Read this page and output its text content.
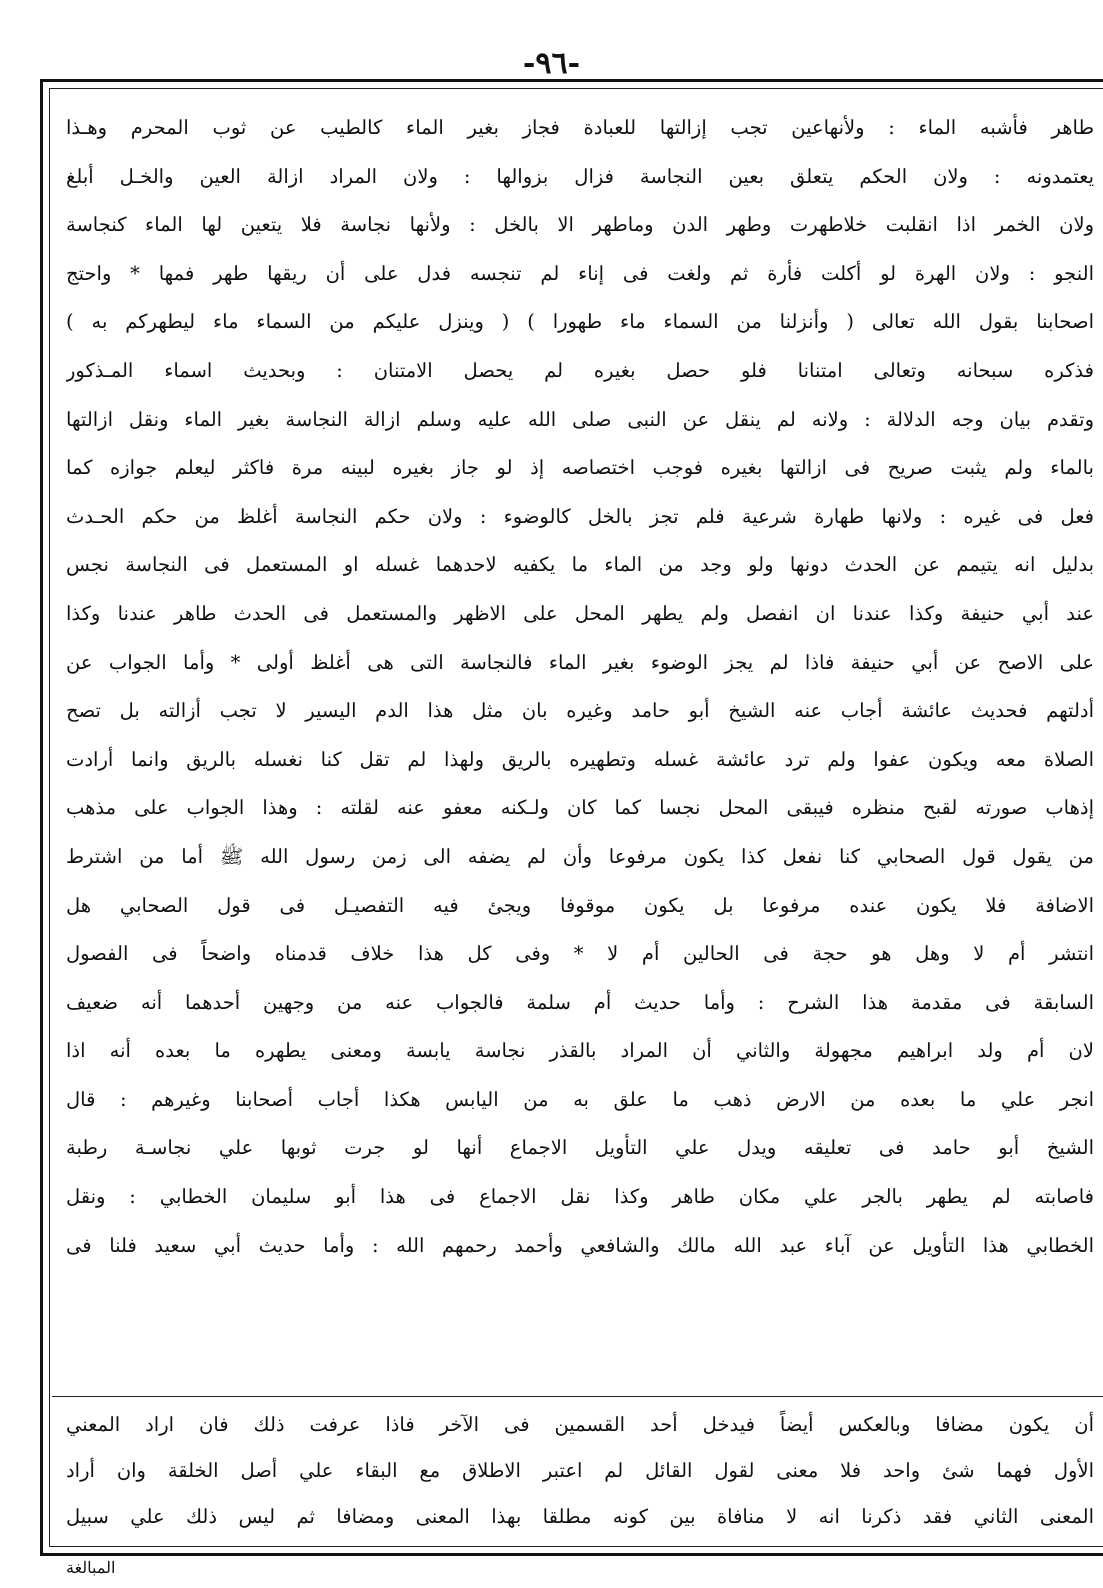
-٩٦-
طاهر فأشبه الماء : ولأنهاعين تجب إزالتها للعبادة فجاز بغير الماء كالطيب عن ثوب المحرم وهـذا
يعتمدونه : ولان الحكم يتعلق بعين النجاسة فزال بزوالها : ولان المراد ازالة العين والخـل أبلغ
ولان الخمر اذا انقلبت خلاطهرت وطهر الدن وماطهر الا بالخل : ولأنها نجاسة فلا يتعين لها الماء كنجاسة
النجو : ولان الهرة لو أكلت فأرة ثم ولغت فى إناء لم تنجسه فدل على أن ريقها طهر فمها * واحتج
اصحابنا بقول الله تعالى ( وأنزلنا من السماء ماء طهورا ) ( وينزل عليكم من السماء ماء ليطهركم به )
فذكره سبحانه وتعالى امتنانا فلو حصل بغيره لم يحصل الامتنان : وبحديث اسماء المـذكور
وتقدم بيان وجه الدلالة : ولانه لم ينقل عن النبى صلى الله عليه وسلم ازالة النجاسة بغير الماء ونقل ازالتها
بالماء ولم يثبت صريح فى ازالتها بغيره فوجب اختصاصه إذ لو جاز بغيره لبينه مرة فاكثر ليعلم جوازه كما
فعل فى غيره : ولانها طهارة شرعية فلم تجز بالخل كالوضوء : ولان حكم النجاسة أغلظ من حكم الحـدث
بدليل انه يتيمم عن الحدث دونها ولو وجد من الماء ما يكفيه لاحدهما غسله او المستعمل فى النجاسة نجس
عند أبي حنيفة وكذا عندنا ان انفصل ولم يطهر المحل على الاظهر والمستعمل فى الحدث طاهر عندنا وكذا
على الاصح عن أبي حنيفة فاذا لم يجز الوضوء بغير الماء فالنجاسة التى هى أغلظ أولى * وأما الجواب عن
أدلتهم فحديث عائشة أجاب عنه الشيخ أبو حامد وغيره بان مثل هذا الدم اليسير لا تجب أزالته بل تصح
الصلاة معه ويكون عفوا ولم ترد عائشة غسله وتطهيره بالريق ولهذا لم تقل كنا نغسله بالريق وانما أرادت
إذهاب صورته لقبح منظره فيبقى المحل نجسا كما كان ولـكنه معفو عنه لقلته : وهذا الجواب على مذهب
من يقول قول الصحابي كنا نفعل كذا يكون مرفوعا وأن لم يضفه الى زمن رسول الله ﷺ أما من اشترط
الاضافة فلا يكون عنده مرفوعا بل يكون موقوفا ويجئ فيه التفصيـل فى قول الصحابي هل
انتشر أم لا وهل هو حجة فى الحالين أم لا * وفى كل هذا خلاف قدمناه واضحاً فى الفصول
السابقة فى مقدمة هذا الشرح : وأما حديث أم سلمة فالجواب عنه من وجهين أحدهما أنه ضعيف
لان أم ولد ابراهيم مجهولة والثاني أن المراد بالقذر نجاسة يابسة ومعنى يطهره ما بعده أنه اذا
انجر علي ما بعده من الارض ذهب ما علق به من اليابس هكذا أجاب أصحابنا وغيرهم : قال
الشيخ أبو حامد فى تعليقه ويدل علي التأويل الاجماع أنها لو جرت ثوبها علي نجاسـة رطبة
فاصابته لم يطهر بالجر علي مكان طاهر وكذا نقل الاجماع فى هذا أبو سليمان الخطابي : ونقل
الخطابي هذا التأويل عن آباء عبد الله مالك والشافعي وأحمد رحمهم الله : وأما حديث أبي سعيد فلنا فى
أن يكون مضافا وبالعكس أيضاً فيدخل أحد القسمين فى الآخر فاذا عرفت ذلك فان اراد المعني
الأول فهما شئ واحد فلا معنى لقول القائل لم اعتبر الاطلاق مع البقاء علي أصل الخلقة وان أراد
المعنى الثاني فقد ذكرنا انه لا منافاة بين كونه مطلقا بهذا المعنى ومضافا ثم ليس ذلك علي سبيل
المبالغة
